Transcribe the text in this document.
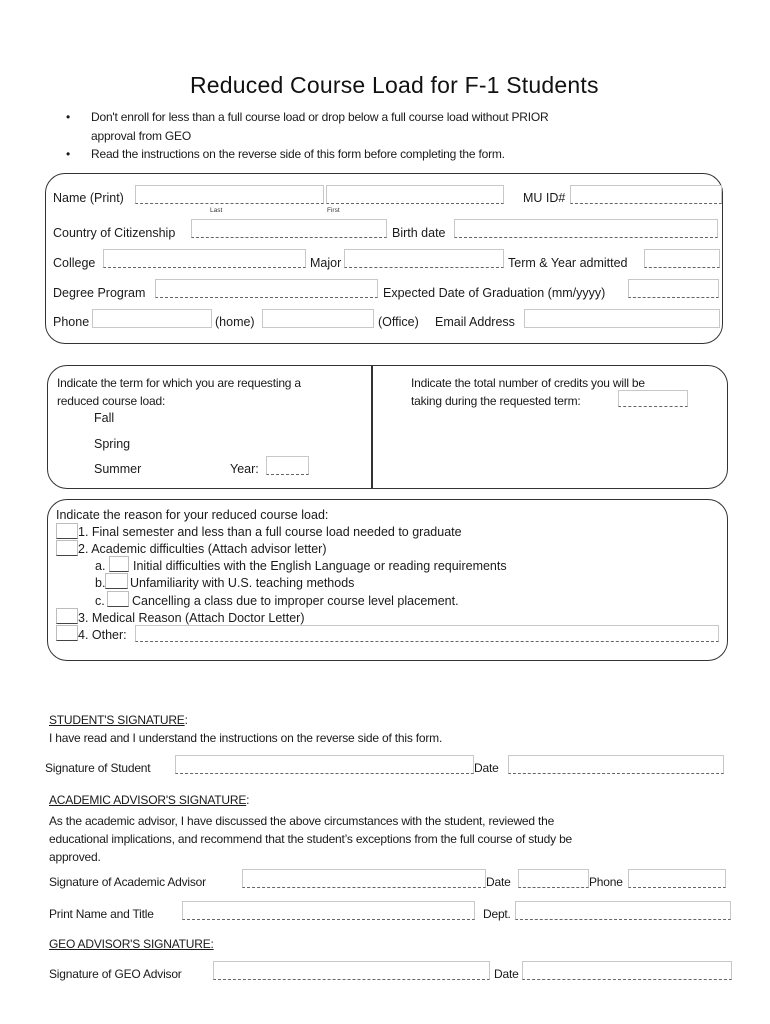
Reduced Course Load for F-1 Students
• Don't enroll for less than a full course load or drop below a full course load without PRIOR
approval from GEO
• Read the instructions on the reverse side of this form before completing the form.
Name (Print)
Last	First
MU ID#
Country of Citizenship	Birth date
College	Major	Term & Year admitted
Degree Program	Expected Date of Graduation (mm/yyyy)
Phone	(home)	(Office) Email Address
Indicate the term for which you are requesting a
reduced course load:
Fall
Spring
Summer	Year:
Indicate the total number of credits you will be
taking during the requested term:
Indicate the reason for your reduced course load:
1. Final semester and less than a full course load needed to graduate
2. Academic difficulties (Attach advisor letter)
a. Initial difficulties with the English Language or reading requirements
b. Unfamiliarity with U.S. teaching methods
c. Cancelling a class due to improper course level placement.
3. Medical Reason (Attach Doctor Letter)
4. Other:
STUDENT'S SIGNATURE:
I have read and I understand the instructions on the reverse side of this form.
Signature of Student	Date
ACADEMIC ADVISOR'S SIGNATURE:
As the academic advisor, I have discussed the above circumstances with the student, reviewed the
educational implications, and recommend that the student’s exceptions from the full course of study be
approved.
Signature of Academic Advisor	Date	Phone
Print Name and Title	Dept.
GEO ADVISOR'S SIGNATURE:
Signature of GEO Advisor	Date
